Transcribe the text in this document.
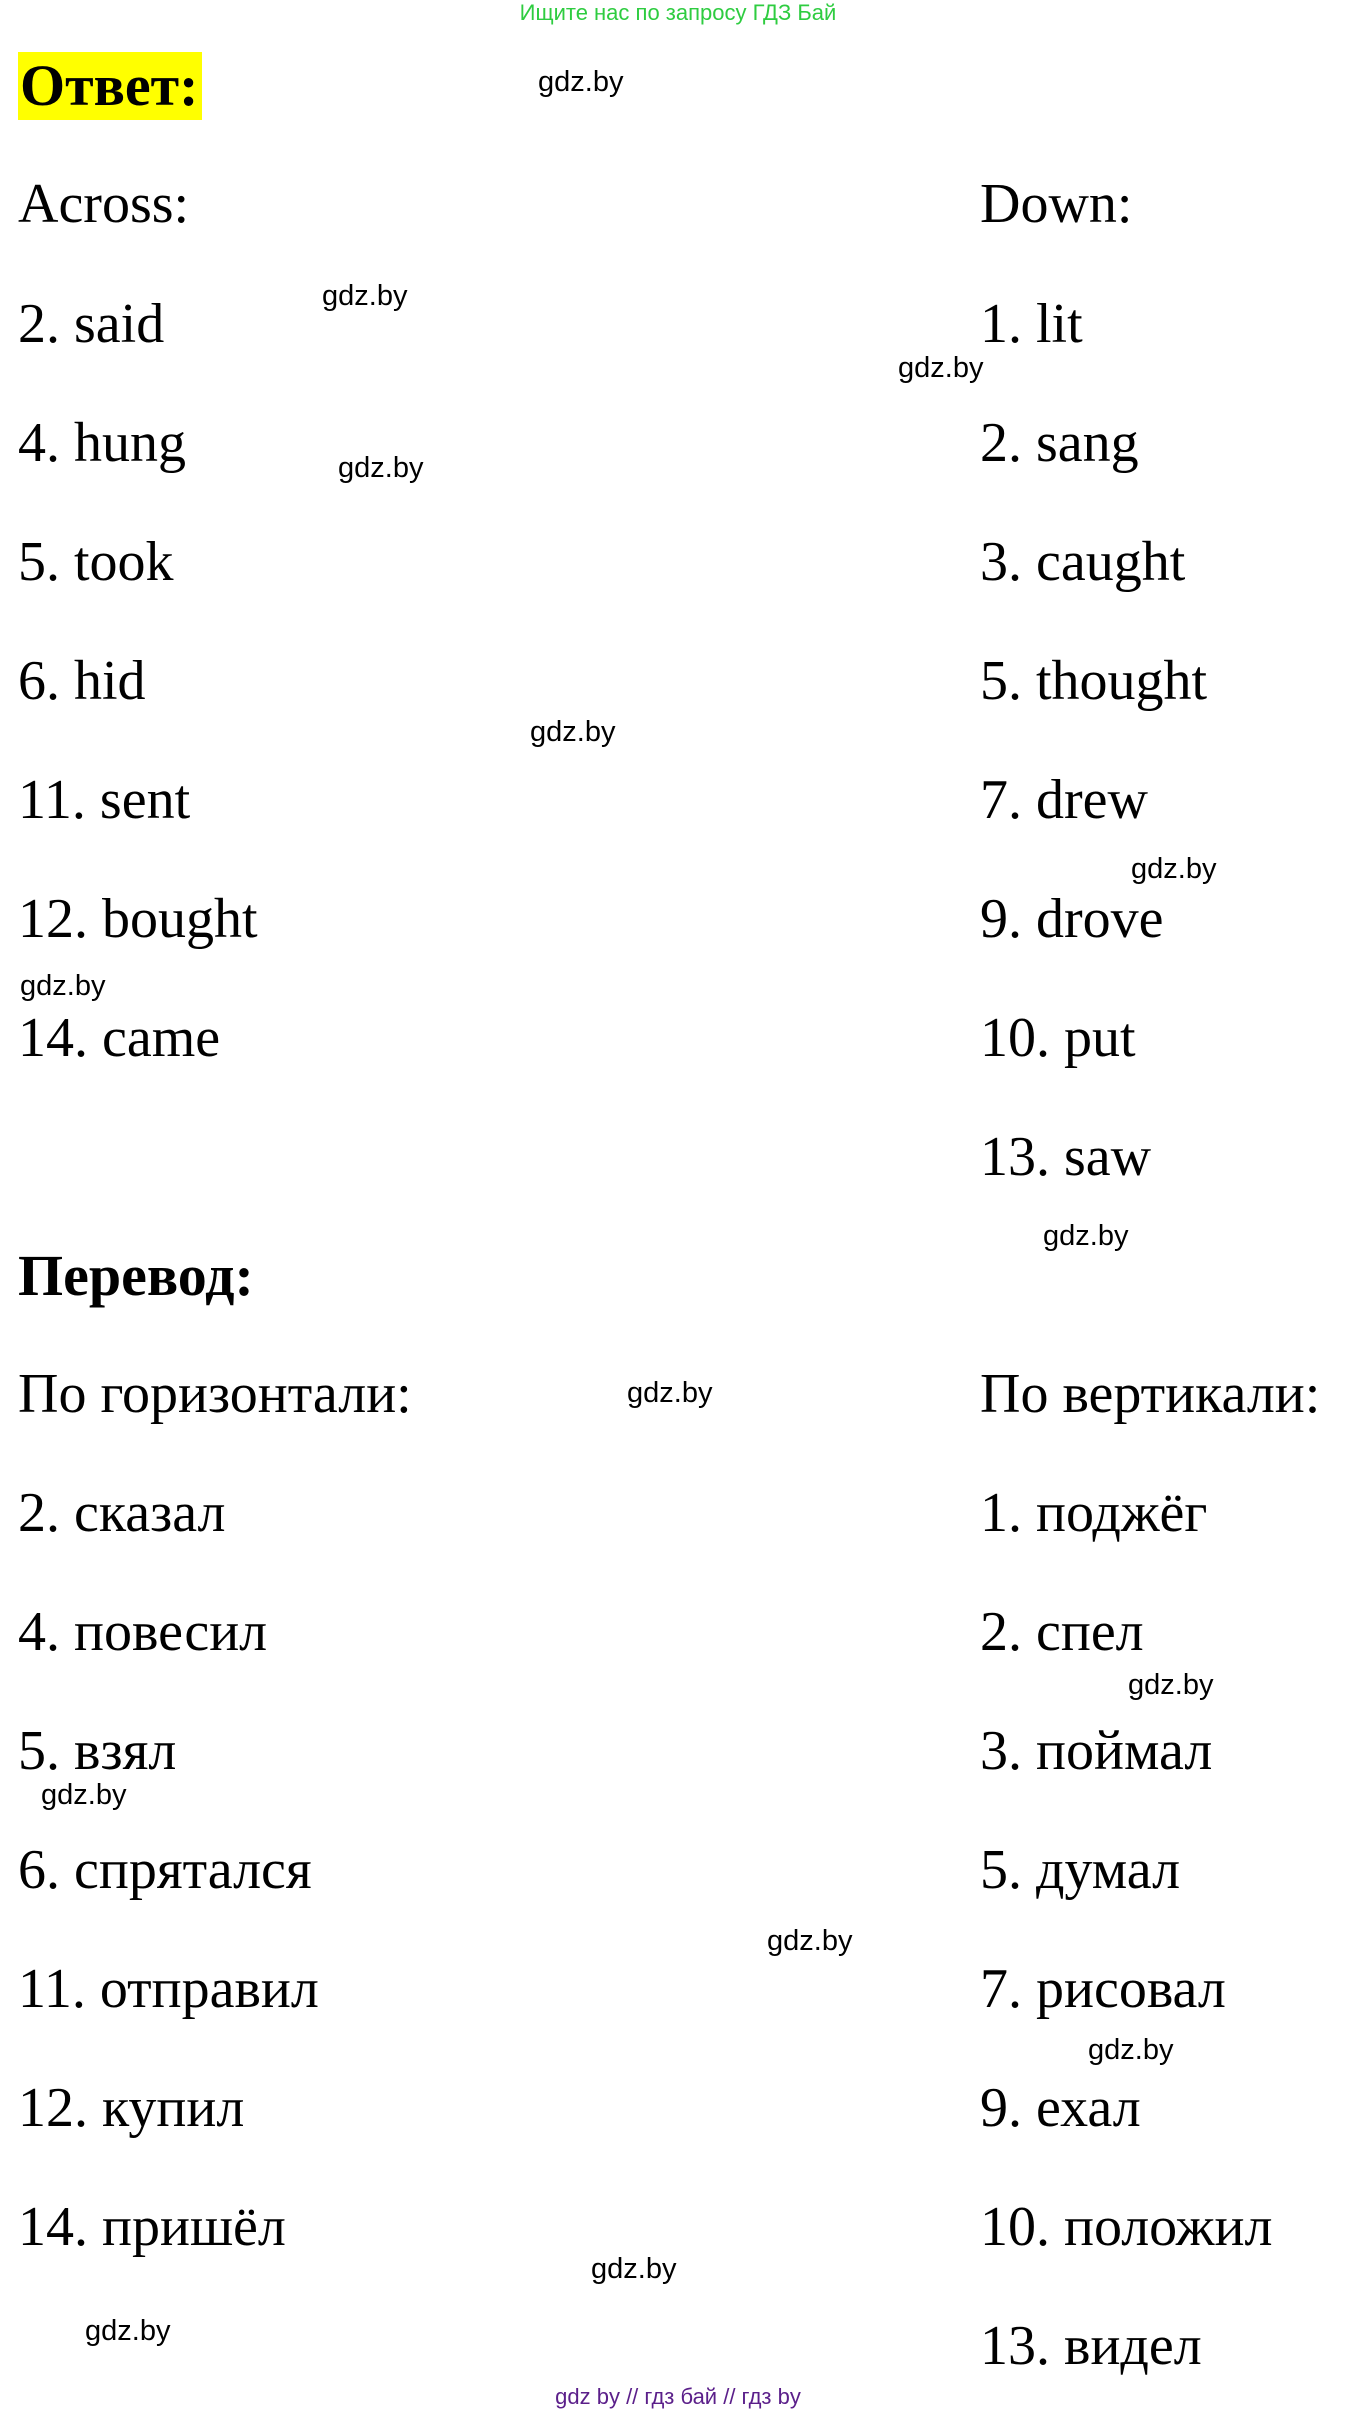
Ищите нас по запросу ГДЗ Бай
Ответ:
Across:
2. said
4. hung
5. took
6. hid
11. sent
12. bought
14. came
Down:
1. lit
2. sang
3. caught
5. thought
7. drew
9. drove
10. put
13. saw
Перевод:
По горизонтали:
2. сказал
4. повесил
5. взял
6. спрятался
11. отправил
12. купил
14. пришёл
По вертикали:
1. поджёг
2. спел
3. поймал
5. думал
7. рисовал
9. ехал
10. положил
13. видел
gdz.by
gdz.by
gdz.by
gdz.by
gdz.by
gdz.by
gdz.by
gdz.by
gdz.by
gdz.by
gdz.by
gdz.by
gdz.by
gdz.by
gdz.by
gdz by // гдз бай // гдз by
